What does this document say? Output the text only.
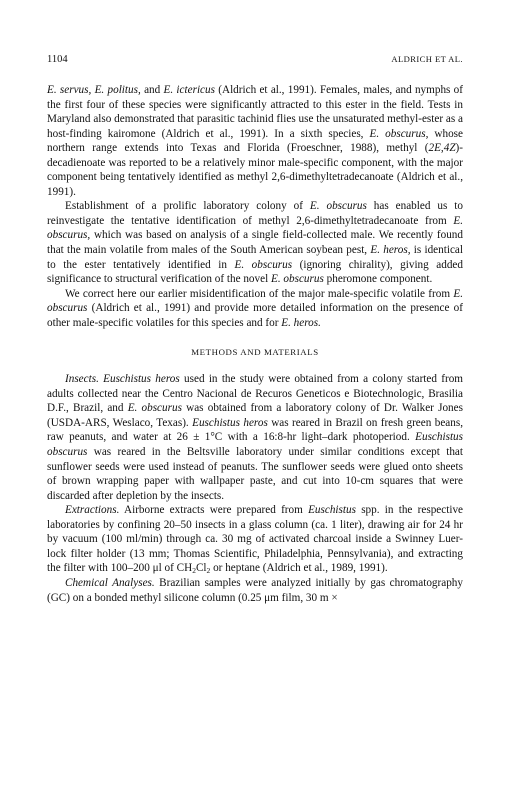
1104	ALDRICH ET AL.

E. servus, E. politus, and E. ictericus (Aldrich et al., 1991). Females, males, and nymphs of the first four of these species were significantly attracted to this ester in the field. Tests in Maryland also demonstrated that parasitic tachinid flies use the unsaturated methyl-ester as a host-finding kairomone (Aldrich et al., 1991). In a sixth species, E. obscurus, whose northern range extends into Texas and Florida (Froeschner, 1988), methyl (2E,4Z)-decadienoate was reported to be a relatively minor male-specific component, with the major component being tentatively identified as methyl 2,6-dimethyltetradecanoate (Aldrich et al., 1991).

Establishment of a prolific laboratory colony of E. obscurus has enabled us to reinvestigate the tentative identification of methyl 2,6-dimethyltetradecanoate from E. obscurus, which was based on analysis of a single field-collected male. We recently found that the main volatile from males of the South American soybean pest, E. heros, is identical to the ester tentatively identified in E. obscurus (ignoring chirality), giving added significance to structural verification of the novel E. obscurus pheromone component.

We correct here our earlier misidentification of the major male-specific volatile from E. obscurus (Aldrich et al., 1991) and provide more detailed information on the presence of other male-specific volatiles for this species and for E. heros.

METHODS AND MATERIALS

Insects. Euschistus heros used in the study were obtained from a colony started from adults collected near the Centro Nacional de Recuros Geneticos e Biotechnologic, Brasilia D.F., Brazil, and E. obscurus was obtained from a laboratory colony of Dr. Walker Jones (USDA-ARS, Weslaco, Texas). Euschistus heros was reared in Brazil on fresh green beans, raw peanuts, and water at 26 ± 1°C with a 16:8-hr light–dark photoperiod. Euschistus obscurus was reared in the Beltsville laboratory under similar conditions except that sunflower seeds were used instead of peanuts. The sunflower seeds were glued onto sheets of brown wrapping paper with wallpaper paste, and cut into 10-cm squares that were discarded after depletion by the insects.

Extractions. Airborne extracts were prepared from Euschistus spp. in the respective laboratories by confining 20–50 insects in a glass column (ca. 1 liter), drawing air for 24 hr by vacuum (100 ml/min) through ca. 30 mg of activated charcoal inside a Swinney Luer-lock filter holder (13 mm; Thomas Scientific, Philadelphia, Pennsylvania), and extracting the filter with 100–200 μl of $CH_2Cl_2$ or heptane (Aldrich et al., 1989, 1991).

Chemical Analyses. Brazilian samples were analyzed initially by gas chromatography (GC) on a bonded methyl silicone column (0.25 μm film, 30 m ×
